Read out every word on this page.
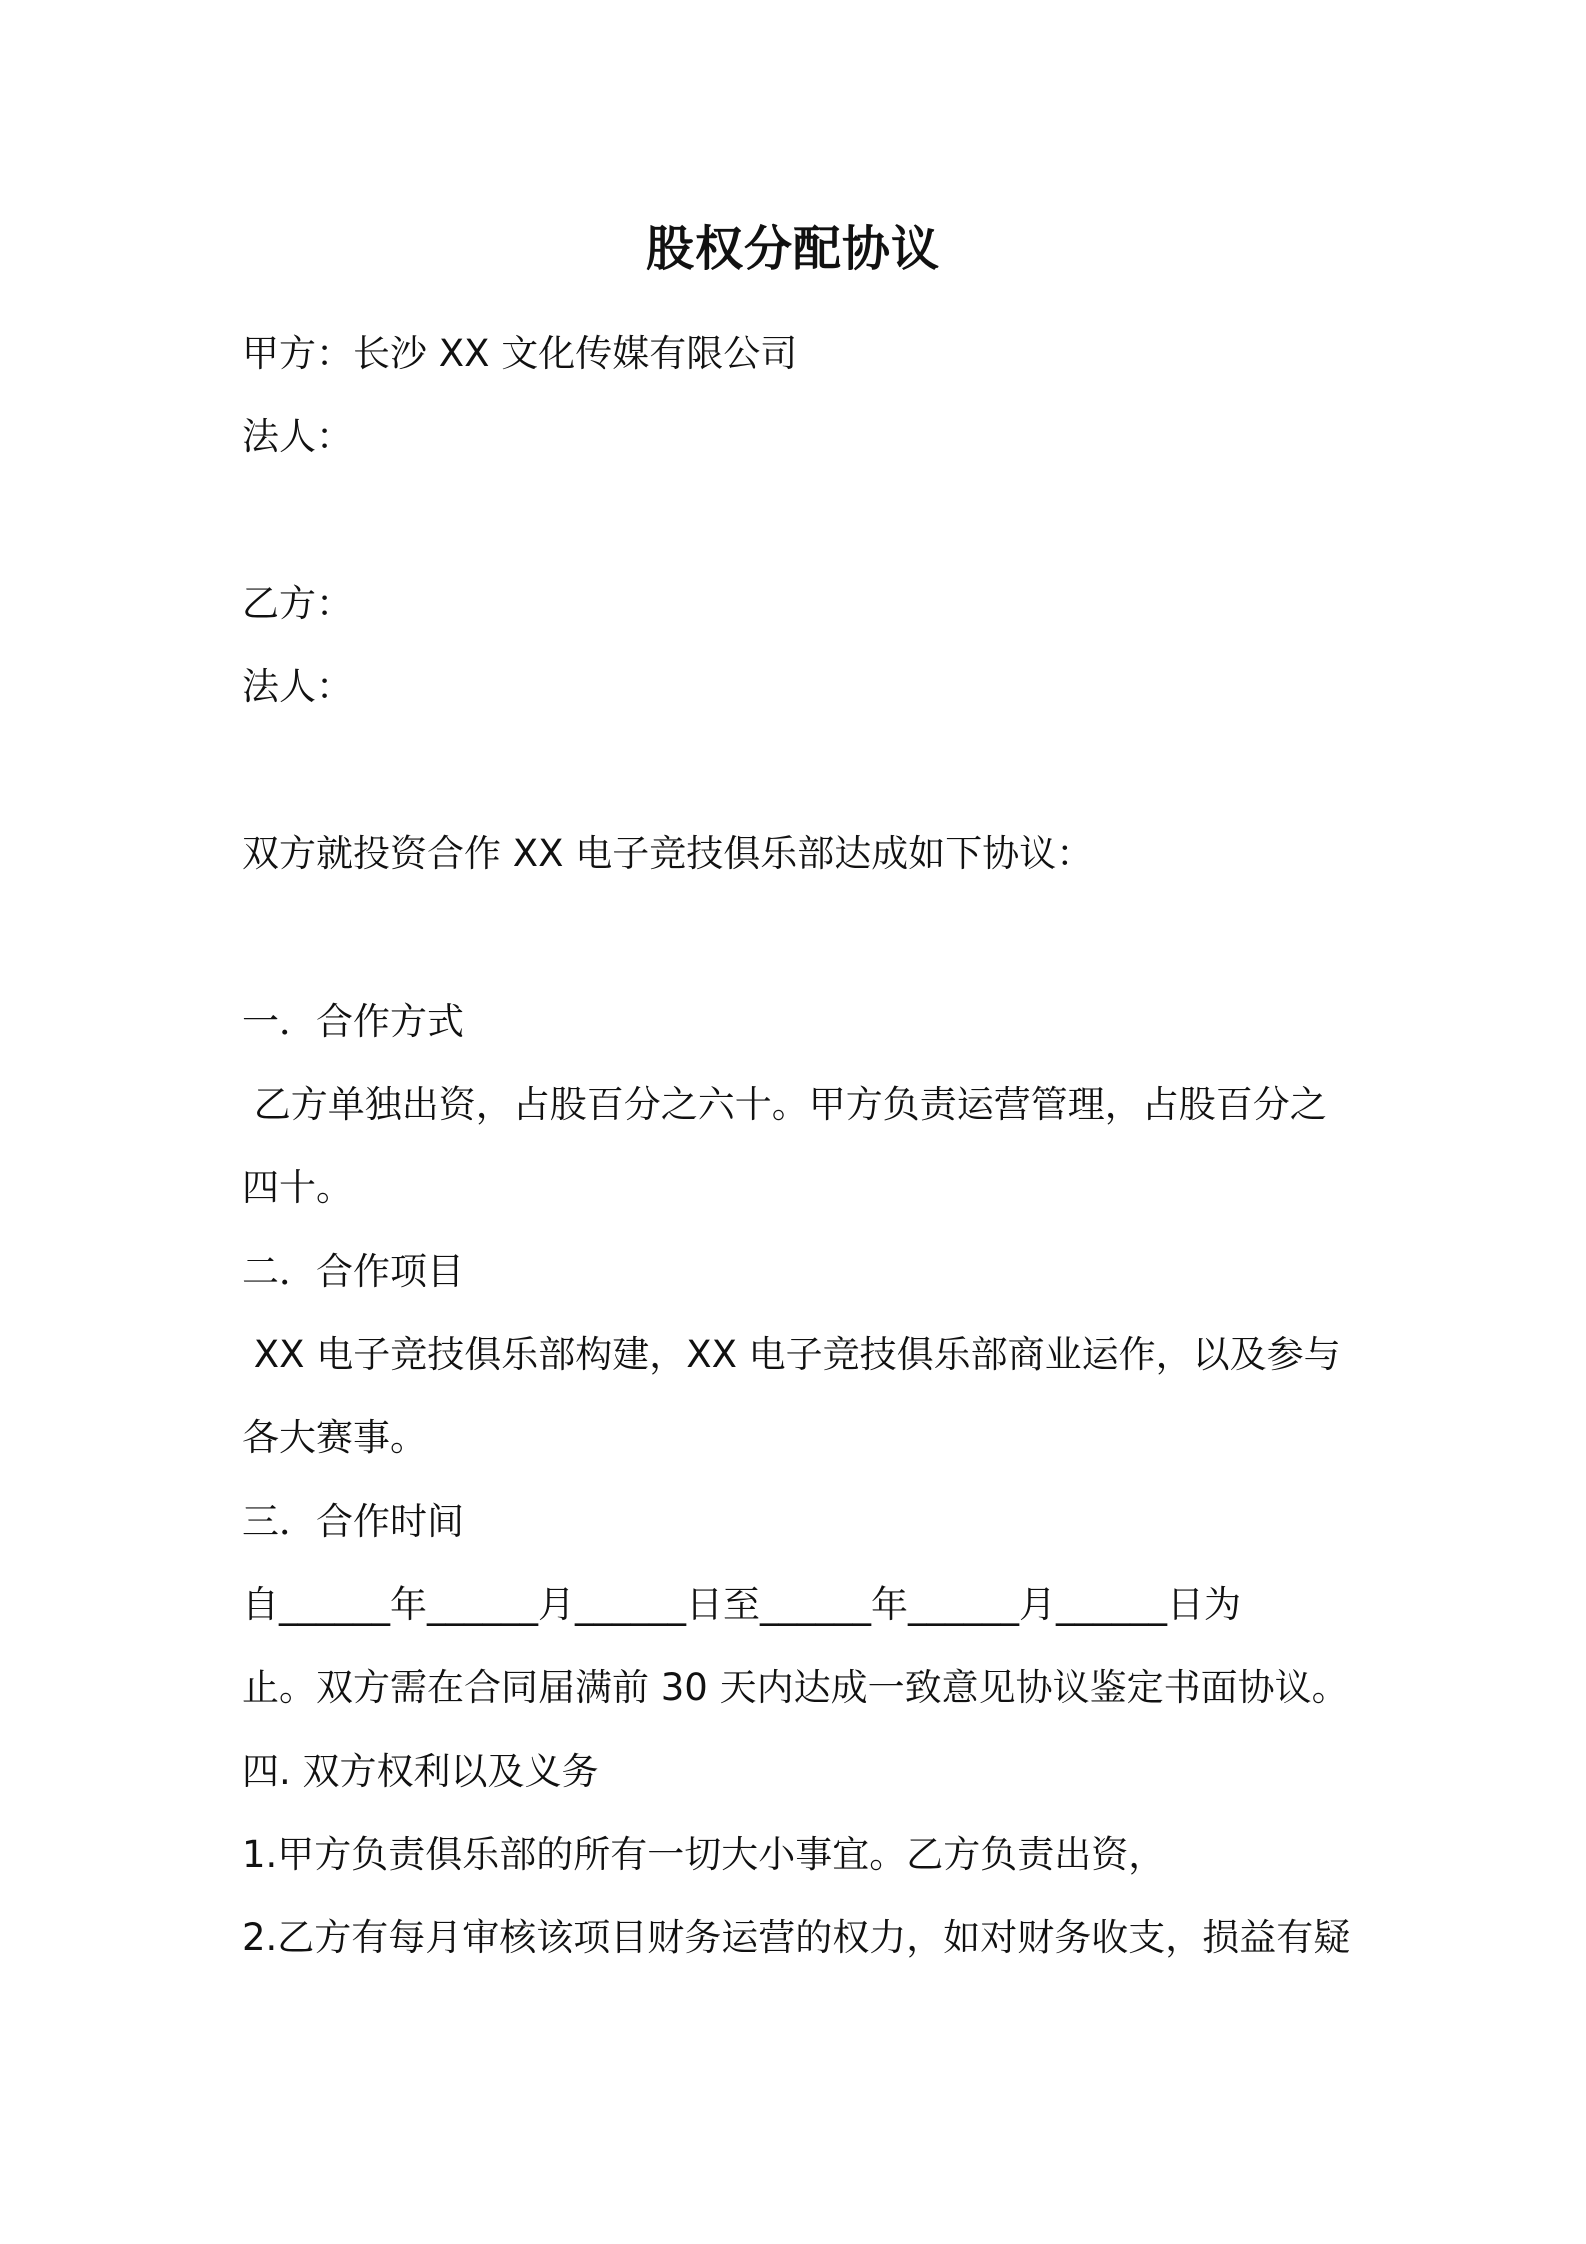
股权分配协议
甲方：长沙 XX 文化传媒有限公司
法人：
乙方：
法人：
双方就投资合作 XX 电子竞技俱乐部达成如下协议：
一．合作方式
乙方单独出资，占股百分之六十。甲方负责运营管理，占股百分之
四十。
二．合作项目
XX 电子竞技俱乐部构建，XX 电子竞技俱乐部商业运作，以及参与
各大赛事。
三．合作时间
自______年______月______日至______年______月______日为
止。双方需在合同届满前 30 天内达成一致意见协议鉴定书面协议。
四. 双方权利以及义务
1.甲方负责俱乐部的所有一切大小事宜。乙方负责出资，
2.乙方有每月审核该项目财务运营的权力，如对财务收支，损益有疑
